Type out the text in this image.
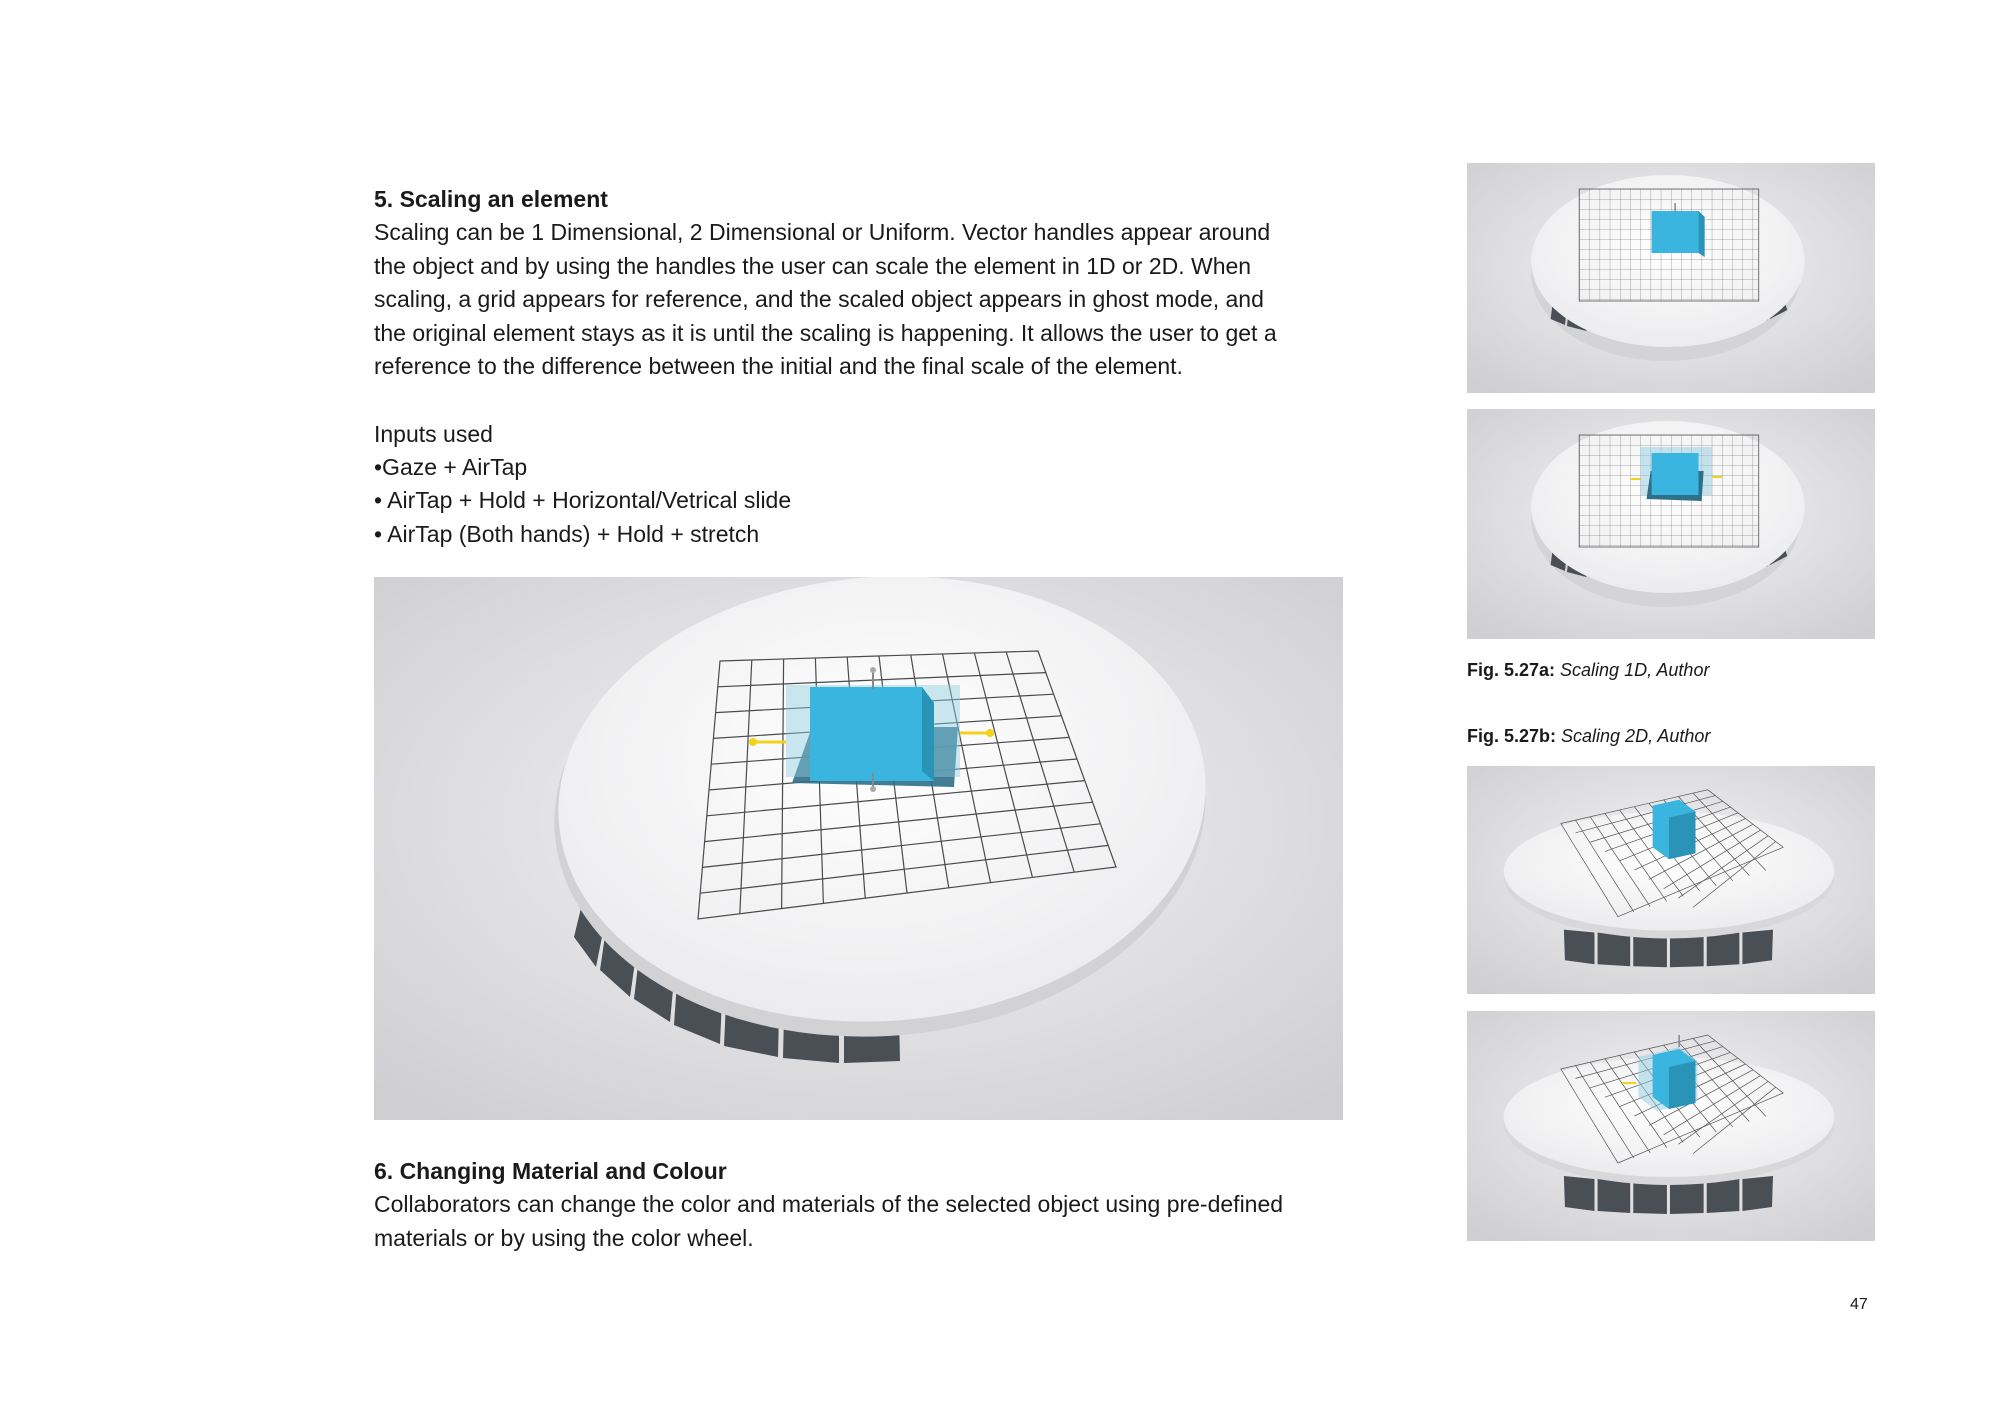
5. Scaling an element

Scaling can be 1 Dimensional, 2 Dimensional or Uniform. Vector handles appear around
the object and by using the handles the user can scale the element in 1D or 2D. When
scaling, a grid appears for reference, and the scaled object appears in ghost mode, and
the original element stays as it is until the scaling is happening. It allows the user to get a
reference to the difference between the initial and the final scale of the element.

Inputs used

•Gaze + AirTap
• AirTap + Hold + Horizontal/Vetrical slide
• AirTap (Both hands) + Hold + stretch
Fig. 5.27a: Scaling 1D, Author
Fig. 5.27b: Scaling 2D, Author
6. Changing Material and Colour

Collaborators can change the color and materials of the selected object using pre-defined
materials or by using the color wheel.

47
